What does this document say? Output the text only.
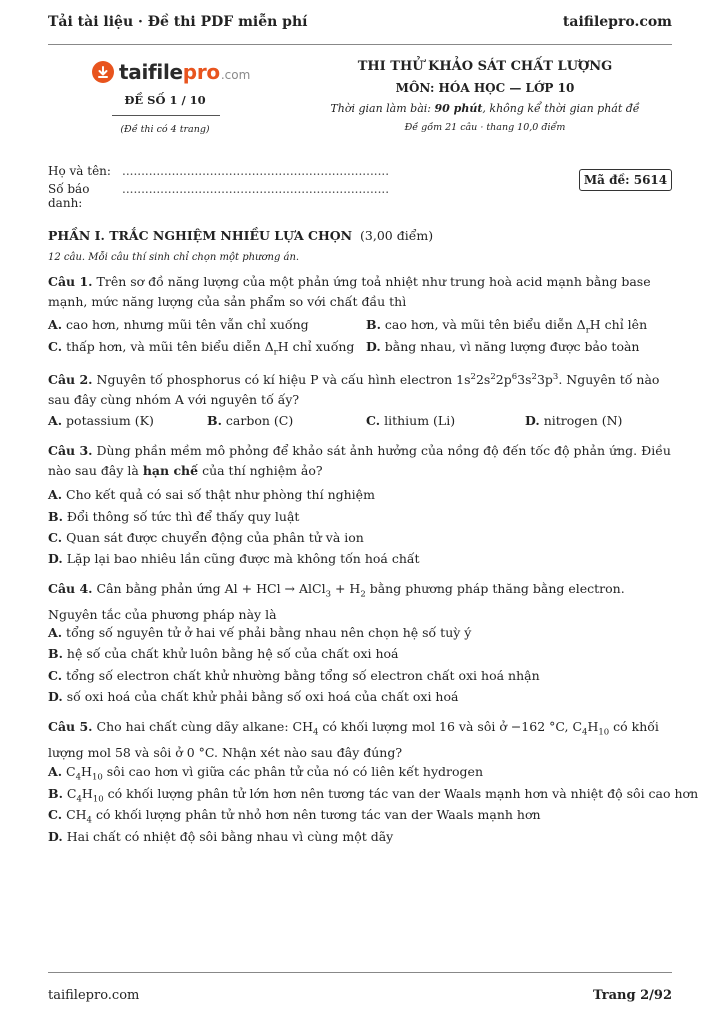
Tải tài liệu · Đề thi PDF miễn phí	taifilepro.com
taifilepro .com
ĐỀ SỐ 1 / 10
(Đề thi có 4 trang)
THI THỬ KHẢO SÁT CHẤT LƯỢNG
MÔN: HÓA HỌC — LỚP 10
Thời gian làm bài: 90 phút, không kể thời gian phát đề
Đề gồm 21 câu · thang 10,0 điểm
Họ và tên: ......................................................................
Số báo danh:
......................................................................
Mã đề: 5614
PHẦN I. TRẮC NGHIỆM NHIỀU LỰA CHỌN (3,00 điểm)
12 câu. Mỗi câu thí sinh chỉ chọn một phương án.
Câu 1. Trên sơ đồ năng lượng của một phản ứng toả nhiệt như trung hoà acid mạnh bằng base mạnh, mức năng lượng của sản phẩm so với chất đầu thì
A. cao hơn, nhưng mũi tên vẫn chỉ xuống	B. cao hơn, và mũi tên biểu diễn $\Delta_rH$ chỉ lên
C. thấp hơn, và mũi tên biểu diễn $\Delta_rH$ chỉ xuống D. bằng nhau, vì năng lượng được bảo toàn
Câu 2. Nguyên tố phosphorus có kí hiệu P và cấu hình electron $1s^22s^22p^63s^23p^3$. Nguyên tố nào sau đây cùng nhóm A với nguyên tố ấy?
A. potassium (K)	B. carbon (C)	C. lithium (Li)	D. nitrogen (N)
Câu 3. Dùng phần mềm mô phỏng để khảo sát ảnh hưởng của nồng độ đến tốc độ phản ứng. Điều nào sau đây là hạn chế của thí nghiệm ảo?
A. Cho kết quả có sai số thật như phòng thí nghiệm
B. Đổi thông số tức thì để thấy quy luật
C. Quan sát được chuyển động của phân tử và ion
D. Lặp lại bao nhiêu lần cũng được mà không tốn hoá chất
Câu 4. Cân bằng phản ứng Al + HCl → AlCl$_3$ + $H_2$ bằng phương pháp thăng bằng electron. Nguyên tắc của phương pháp này là
A. tổng số nguyên tử ở hai vế phải bằng nhau nên chọn hệ số tuỳ ý
B. hệ số của chất khử luôn bằng hệ số của chất oxi hoá
C. tổng số electron chất khử nhường bằng tổng số electron chất oxi hoá nhận
D. số oxi hoá của chất khử phải bằng số oxi hoá của chất oxi hoá
Câu 5. Cho hai chất cùng dãy alkane: $CH_4$ có khối lượng mol 16 và sôi ở −162 °C, $C_4H_{10}$ có khối lượng mol 58 và sôi ở 0 °C. Nhận xét nào sau đây đúng?
A. $C_4H_{10}$ sôi cao hơn vì giữa các phân tử của nó có liên kết hydrogen
B. $C_4H_{10}$ có khối lượng phân tử lớn hơn nên tương tác van der Waals mạnh hơn và nhiệt độ sôi cao hơn
C. $CH_4$ có khối lượng phân tử nhỏ hơn nên tương tác van der Waals mạnh hơn
D. Hai chất có nhiệt độ sôi bằng nhau vì cùng một dãy
taifilepro.com	Trang 2/92
